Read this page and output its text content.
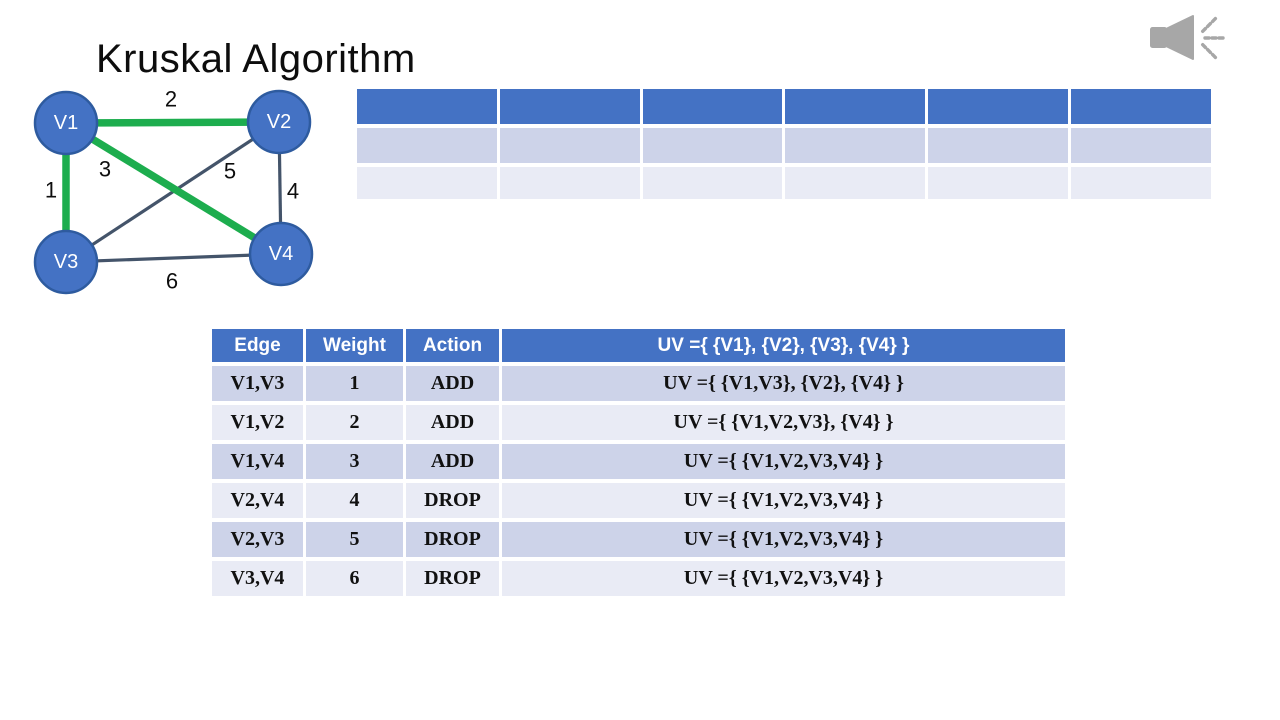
Kruskal Algorithm
V1	V2
V3	V4
2
1
3	5
4
6
Edge	Weight	Action	UV ={ {V1}, {V2}, {V3}, {V4} }
V1,V3	1	ADD	UV ={ {V1,V3}, {V2}, {V4} }
V1,V2	2	ADD	UV ={ {V1,V2,V3}, {V4} }
V1,V4	3	ADD	UV ={ {V1,V2,V3,V4} }
V2,V4	4	DROP	UV ={ {V1,V2,V3,V4} }
V2,V3	5	DROP	UV ={ {V1,V2,V3,V4} }
V3,V4	6	DROP	UV ={ {V1,V2,V3,V4} }
